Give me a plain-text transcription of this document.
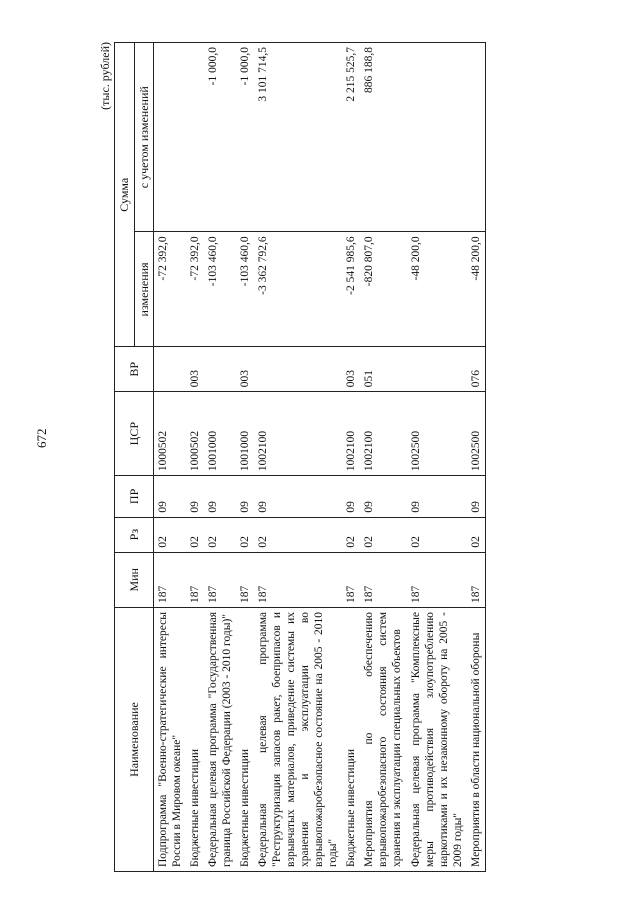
672
(тыс. рублей)
Наименование	Мин	Рз	ПР	ЦСР	ВР	Сумма	
						изменения	с учетом изменений
Подпрограмма "Военно-стратегические интересы России в Мировом океане"	187	02	09	1000502		-72 392,0	
Бюджетные инвестиции	187	02	09	1000502	003	-72 392,0	
Федеральная целевая программа "Государственная граница Российской Федерации (2003 - 2010 годы)"	187	02	09	1001000		-103 460,0	-1 000,0
Бюджетные инвестиции	187	02	09	1001000	003	-103 460,0	-1 000,0
Федеральная целевая программа "Реструктуризация запасов ракет, боеприпасов и взрывчатых материалов, приведение системы их хранения и эксплуатации во взрывопожаробезопасное состояние на 2005 - 2010 годы"	187	02	09	1002100		-3 362 792,6	3 101 714,5
Бюджетные инвестиции	187	02	09	1002100	003	-2 541 985,6	2 215 525,7
Мероприятия по обеспечению взрывопожаробезопасного состояния систем хранения и эксплуатации специальных объектов	187	02	09	1002100	051	-820 807,0	886 188,8
Федеральная целевая программа "Комплексные меры противодействия злоупотреблению наркотиками и их незаконному обороту на 2005 - 2009 годы"	187	02	09	1002500		-48 200,0	
Мероприятия в области национальной обороны	187	02	09	1002500	076	-48 200,0	
